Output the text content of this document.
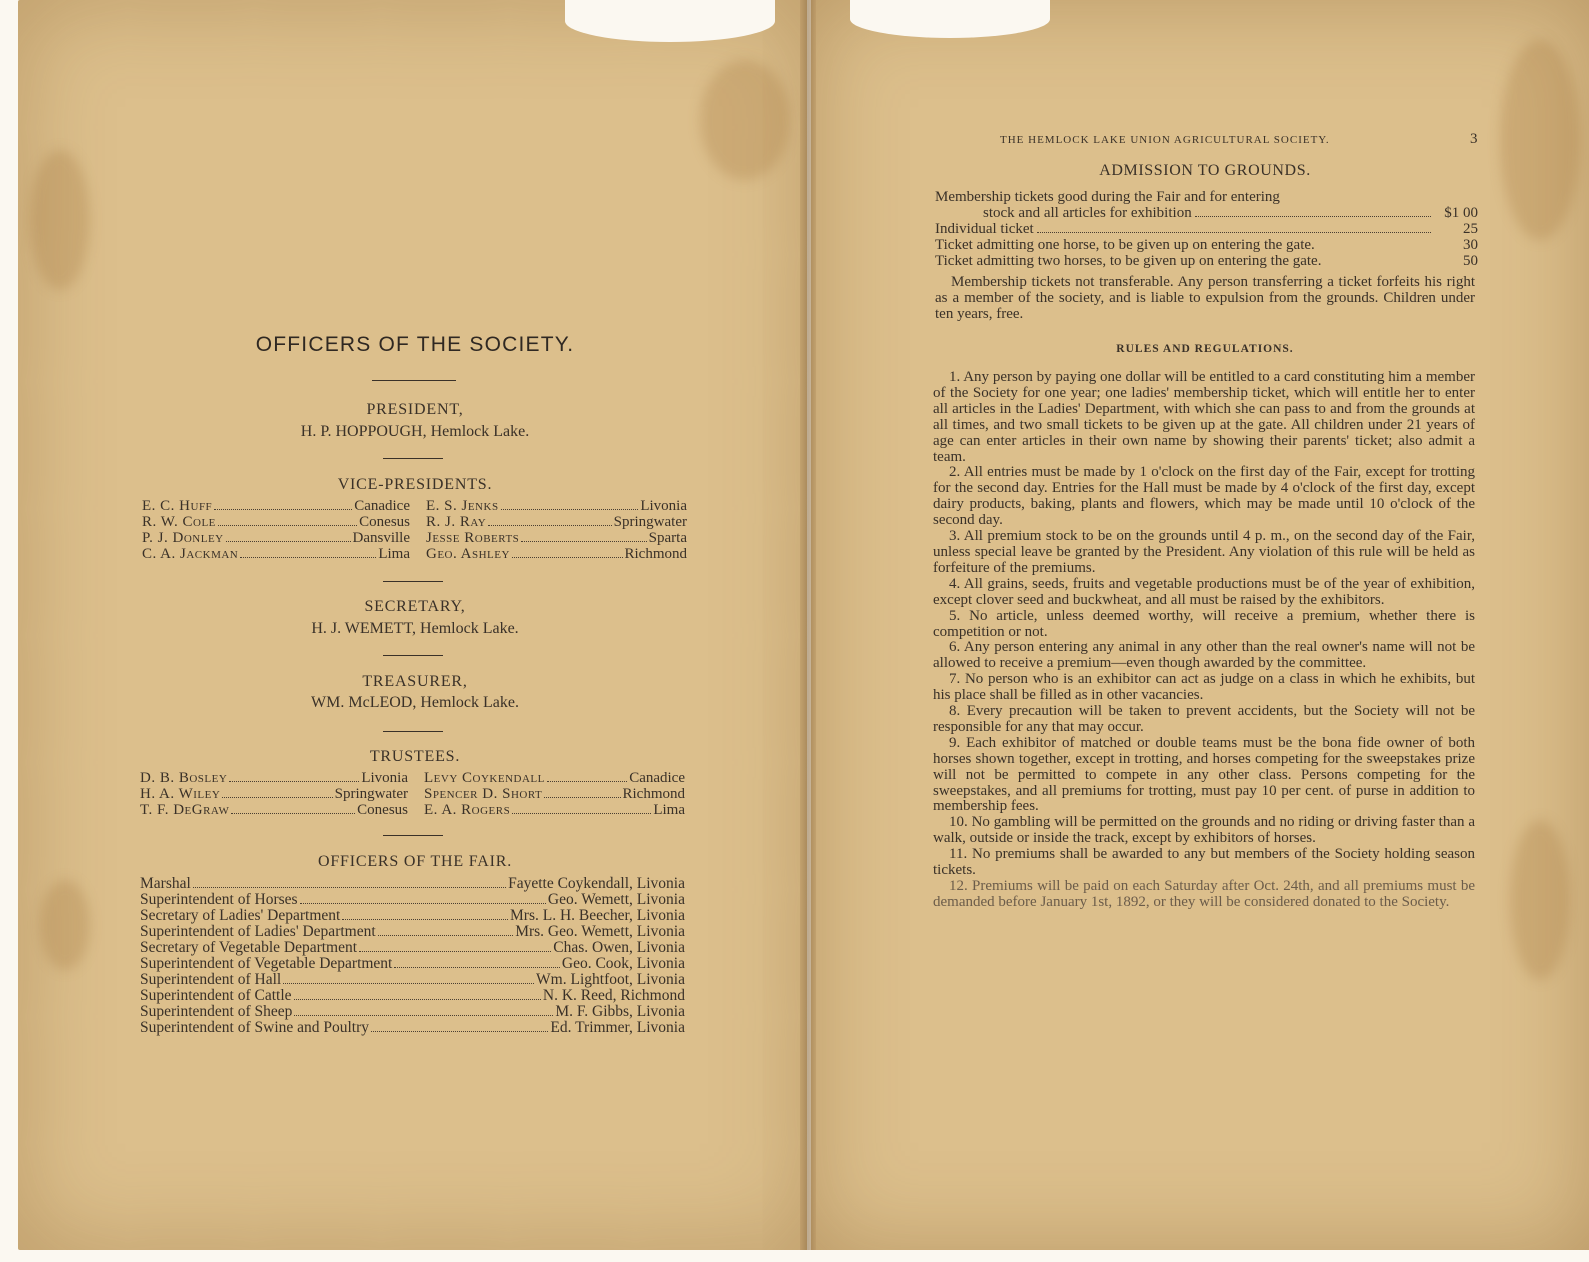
OFFICERS OF THE SOCIETY.
PRESIDENT,
H. P. HOPPOUGH, Hemlock Lake.
VICE-PRESIDENTS.
E. C. Huff	Canadice E. S. Jenks	Livonia
R. W. Cole	Conesus R. J. Ray	Springwater
P. J. Donley	Dansville Jesse Roberts	Sparta
C. A. Jackman	Lima Geo. Ashley	Richmond
SECRETARY,
H. J. WEMETT, Hemlock Lake.
TREASURER,
WM. McLEOD, Hemlock Lake.
TRUSTEES.
D. B. Bosley	Livonia Levy Coykendall	Canadice
H. A. Wiley	Springwater Spencer D. Short	Richmond
T. F. DeGraw	Conesus E. A. Rogers	Lima
OFFICERS OF THE FAIR.
Marshal	Fayette Coykendall, Livonia
Superintendent of Horses	Geo. Wemett, Livonia
Secretary of Ladies' Department	Mrs. L. H. Beecher, Livonia
Superintendent of Ladies' Department	Mrs. Geo. Wemett, Livonia
Secretary of Vegetable Department	Chas. Owen, Livonia
Superintendent of Vegetable Department	Geo. Cook, Livonia
Superintendent of Hall	Wm. Lightfoot, Livonia
Superintendent of Cattle	N. K. Reed, Richmond
Superintendent of Sheep	M. F. Gibbs, Livonia
Superintendent of Swine and Poultry	Ed. Trimmer, Livonia
THE HEMLOCK LAKE UNION AGRICULTURAL SOCIETY.	3
ADMISSION TO GROUNDS.
Membership tickets good during the Fair and for entering
stock and all articles for exhibition	$1 00
Individual ticket	25
Ticket admitting one horse, to be given up on entering the gate.	30
Ticket admitting two horses, to be given up on entering the gate.	50

Membership tickets not transferable. Any person transferring a ticket forfeits his right as a member of the society, and is liable to expulsion from the grounds. Children under ten years, free.

RULES AND REGULATIONS.

1. Any person by paying one dollar will be entitled to a card constituting him a member of the Society for one year; one ladies' membership ticket, which will entitle her to enter all articles in the Ladies' Department, with which she can pass to and from the grounds at all times, and two small tickets to be given up at the gate. All children under 21 years of age can enter articles in their own name by showing their parents' ticket; also admit a team.

2. All entries must be made by 1 o'clock on the first day of the Fair, except for trotting for the second day. Entries for the Hall must be made by 4 o'clock of the first day, except dairy products, baking, plants and flowers, which may be made until 10 o'clock of the second day.

3. All premium stock to be on the grounds until 4 p. m., on the second day of the Fair, unless special leave be granted by the President. Any violation of this rule will be held as forfeiture of the premiums.

4. All grains, seeds, fruits and vegetable productions must be of the year of exhibition, except clover seed and buckwheat, and all must be raised by the exhibitors.

5. No article, unless deemed worthy, will receive a premium, whether there is competition or not.

6. Any person entering any animal in any other than the real owner's name will not be allowed to receive a premium—even though awarded by the committee.

7. No person who is an exhibitor can act as judge on a class in which he exhibits, but his place shall be filled as in other vacancies.

8. Every precaution will be taken to prevent accidents, but the Society will not be responsible for any that may occur.

9. Each exhibitor of matched or double teams must be the bona fide owner of both horses shown together, except in trotting, and horses competing for the sweepstakes prize will not be permitted to compete in any other class. Persons competing for the sweepstakes, and all premiums for trotting, must pay 10 per cent. of purse in addition to membership fees.

10. No gambling will be permitted on the grounds and no riding or driving faster than a walk, outside or inside the track, except by exhibitors of horses.

11. No premiums shall be awarded to any but members of the Society holding season tickets.

12. Premiums will be paid on each Saturday after Oct. 24th, and all premiums must be demanded before January 1st, 1892, or they will be considered donated to the Society.
